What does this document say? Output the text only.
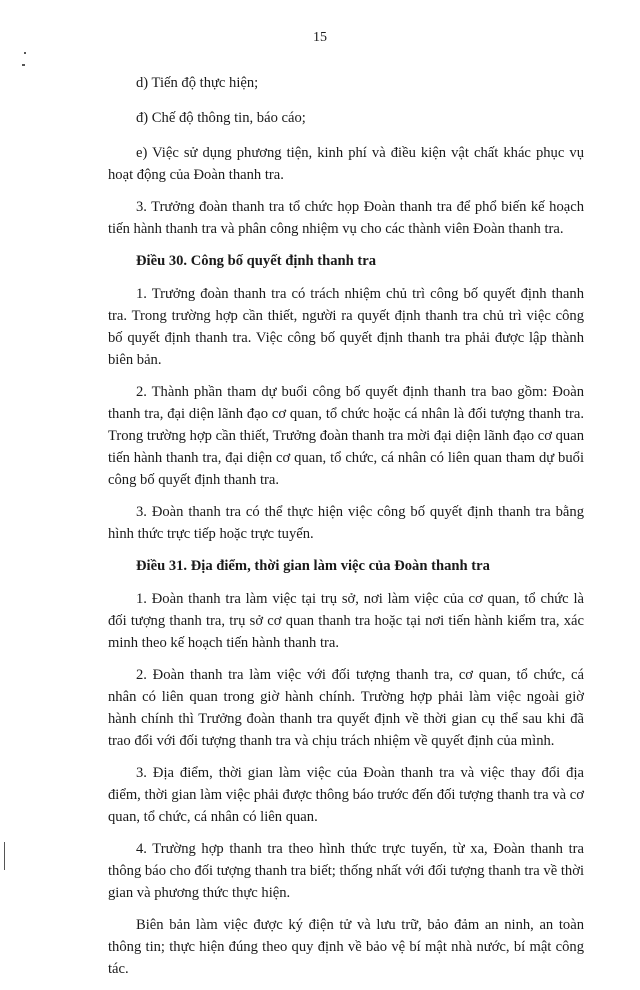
15

d) Tiến độ thực hiện;

đ) Chế độ thông tin, báo cáo;

e) Việc sử dụng phương tiện, kinh phí và điều kiện vật chất khác phục vụ hoạt động của Đoàn thanh tra.

3. Trưởng đoàn thanh tra tổ chức họp Đoàn thanh tra để phổ biến kế hoạch tiến hành thanh tra và phân công nhiệm vụ cho các thành viên Đoàn thanh tra.

Điều 30. Công bố quyết định thanh tra

1. Trưởng đoàn thanh tra có trách nhiệm chủ trì công bố quyết định thanh tra. Trong trường hợp cần thiết, người ra quyết định thanh tra chủ trì việc công bố quyết định thanh tra. Việc công bố quyết định thanh tra phải được lập thành biên bản.

2. Thành phần tham dự buổi công bố quyết định thanh tra bao gồm: Đoàn thanh tra, đại diện lãnh đạo cơ quan, tổ chức hoặc cá nhân là đối tượng thanh tra. Trong trường hợp cần thiết, Trưởng đoàn thanh tra mời đại diện lãnh đạo cơ quan tiến hành thanh tra, đại diện cơ quan, tổ chức, cá nhân có liên quan tham dự buổi công bố quyết định thanh tra.

3. Đoàn thanh tra có thể thực hiện việc công bố quyết định thanh tra bằng hình thức trực tiếp hoặc trực tuyến.

Điều 31. Địa điểm, thời gian làm việc của Đoàn thanh tra

1. Đoàn thanh tra làm việc tại trụ sở, nơi làm việc của cơ quan, tổ chức là đối tượng thanh tra, trụ sở cơ quan thanh tra hoặc tại nơi tiến hành kiểm tra, xác minh theo kế hoạch tiến hành thanh tra.

2. Đoàn thanh tra làm việc với đối tượng thanh tra, cơ quan, tổ chức, cá nhân có liên quan trong giờ hành chính. Trường hợp phải làm việc ngoài giờ hành chính thì Trưởng đoàn thanh tra quyết định về thời gian cụ thể sau khi đã trao đổi với đối tượng thanh tra và chịu trách nhiệm về quyết định của mình.

3. Địa điểm, thời gian làm việc của Đoàn thanh tra và việc thay đổi địa điểm, thời gian làm việc phải được thông báo trước đến đối tượng thanh tra và cơ quan, tổ chức, cá nhân có liên quan.

4. Trường hợp thanh tra theo hình thức trực tuyến, từ xa, Đoàn thanh tra thông báo cho đối tượng thanh tra biết; thống nhất với đối tượng thanh tra về thời gian và phương thức thực hiện.

Biên bản làm việc được ký điện tử và lưu trữ, bảo đảm an ninh, an toàn thông tin; thực hiện đúng theo quy định về bảo vệ bí mật nhà nước, bí mật công tác.
